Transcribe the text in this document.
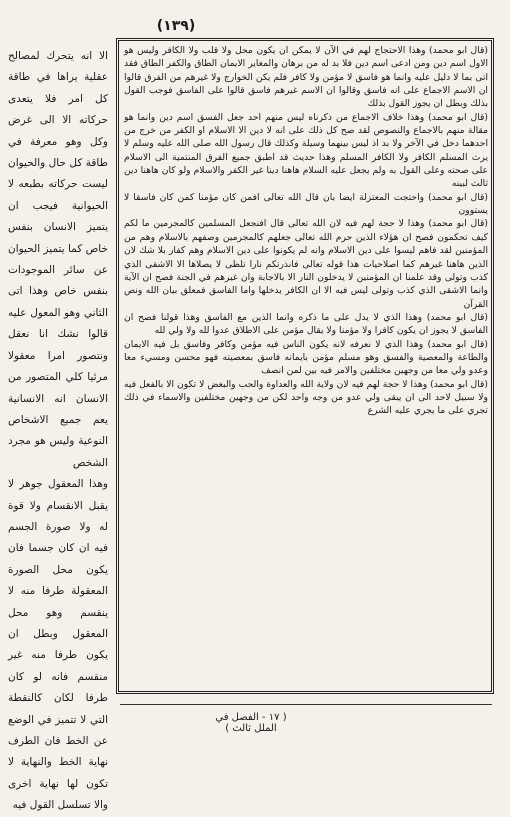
(١٣٩)

(قال ابو محمد) وهذا الاحتجاج لهم في الآن لا يمكن ان يكون محل ولا قلب ولا الكافر وليس هو الاول اسم دين ومن ادعى اسم دين فلا بد له من برهان والمغاير الايمان الطاق والكفر الطاق فقد اتى بما لا دليل عليه وانما هو فاسق لا مؤمن ولا كافر فلم يكن الخوارج ولا غيرهم من الفرق قالوا ان الاسم الاجماع على انه فاسق وقالوا ان الاسم غيرهم فاسق قالوا على الفاسق فوجب القول بذلك وبطل ان يجوز القول بذلك

(قال ابو محمد) وهذا خلاف الاجماع من ذكرناه ليس منهم احد جعل الفسق اسم دين وانما هو مقالة منهم بالاجماع والنصوص لقد صح كل ذلك على انه لا دين الا الاسلام او الكفر من خرج من احدهما دخل في الآخر ولا بد اذ ليس بينهما وسيلة وكذلك قال رسول الله صلى الله عليه وسلم لا يرث المسلم الكافر ولا الكافر المسلم وهذا حديث قد اطبق جميع الفرق المنتمية الى الاسلام على صحته وعلى القول به ولم يجعل عليه السلام هاهنا دينا غير الكفر والاسلام ولو كان هاهنا دين ثالث لبينه

(قال ابو محمد) واحتجت المعتزلة ايضا بان قال الله تعالى افمن كان مؤمنا كمن كان فاسقا لا يستوون

(قال ابو محمد) وهذا لا حجة لهم فيه لان الله تعالى قال افنجعل المسلمين كالمجرمين ما لكم كيف تحكمون فصح ان هؤلاء الذين حرم الله تعالى جعلهم كالمجرمين وصفهم بالاسلام وهم من المؤمنين لقد فاهم ليسوا على دين الاسلام وانه لم يكونوا على دين الاسلام وهم كفار بلا شك لان الذين هاهنا غيرهم كما اصلاحيات هذا قوله تعالى فانذرتكم نارا تلظى لا يصلاها الا الاشقى الذي كذب وتولى وقد علمنا ان المؤمنين لا يدخلون النار الا بالاجابة وان غيرهم في الجنة فصح ان الآية وانما الاشقى الذي كذب وتولى ليس فيه الا ان الكافر يدخلها واما الفاسق فمعلق بيان الله ونص القرآن

(قال ابو محمد) وهذا الذي لا يدل على ما ذكره وانما الذين مع الفاسق وهذا قولنا فصح ان الفاسق لا يجوز ان يكون كافرا ولا مؤمنا ولا يقال مؤمن على الاطلاق عدوا لله ولا ولي لله

(قال ابو محمد) وهذا الذي لا نعرفه لانه يكون الناس فيه مؤمن وكافر وفاسق بل فيه الايمان والطاعة والمعصية والفسق وهو مسلم مؤمن بايمانه فاسق بمعصيته فهو محسن ومسيء معا وعدو ولي معا من وجهين مختلفين والامر فيه بين لمن انصف

(قال ابو محمد) وهذا لا حجة لهم فيه لان ولاية الله والعداوة والحب والبغض لا تكون الا بالفعل فيه ولا سبيل لاحد الى ان يبقى ولي عدو من وجه واحد لكن من وجهين مختلفين والاسماء في ذلك تجري على ما يجري عليه الشرع

الا انه يتحرك لمصالح عقلية يراها في طاقة كل امر فلا يتعدى حركاته الا الى غرض وكل وهو معرفة في طاقة كل حال والحيوان ليست حركاته بطبعه لا الحيوانية فيجب ان يتميز الانسان بنفس خاص كما يتميز الحيوان عن سائر الموجودات بنفس خاص وهذا اتى الثاني وهو المعول عليه قالوا نشك انا نعقل ونتصور امرا معقولا مرئيا كلي المتصور من الانسان انه الانسانية يعم جميع الاشخاص النوعية وليس هو مجرد الشخص

وهذا المعقول جوهر لا يقبل الانقسام ولا قوة له ولا صورة الجسم فيه ان كان جسما فان يكون محل الصورة المعقولة طرفا منه لا ينقسم وهو محل المعقول وبطل ان يكون طرفا منه غير منقسم فانه لو كان طرفا لكان كالنقطة التي لا تتميز في الوضع عن الخط فان الطرف نهاية الخط والنهاية لا تكون لها نهاية اخرى والا تسلسل القول فيه

( ١٧ - الفصل في الملل ثالث )
